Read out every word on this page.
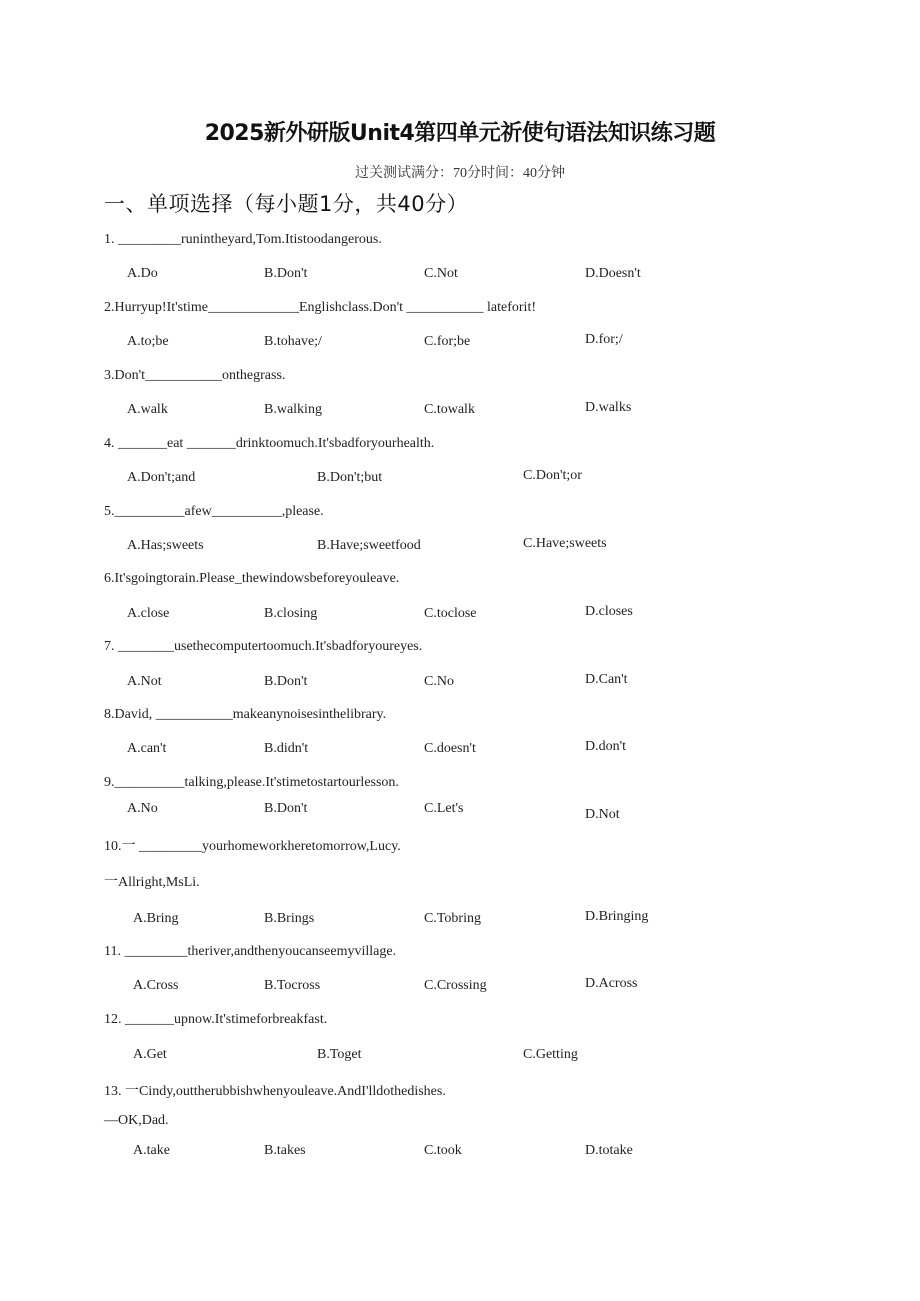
2025新外研版Unit4第四单元祈使句语法知识练习题
过关测试满分：70分时间：40分钟
一、单项选择（每小题1分，共40分）
1. _________runintheyard,Tom.Itistoodangerous.
A.Do	B.Don't	C.Not	D.Doesn't
2.Hurryup!It'stime_____________Englishclass.Don't ___________ lateforit!
A.to;be	B.tohave;/	C.for;be	D.for;/
3.Don't___________onthegrass.
A.walk	B.walking	C.towalk	D.walks
4. _______eat _______drinktoomuch.It'sbadforyourhealth.
A.Don't;and	B.Don't;but	C.Don't;or
5.__________afew__________,please.
A.Has;sweets	B.Have;sweetfood	C.Have;sweets
6.It'sgoingtorain.Please_thewindowsbeforeyouleave.
A.close	B.closing	C.toclose	D.closes
7. ________usethecomputertoomuch.It'sbadforyoureyes.
A.Not	B.Don't	C.No	D.Can't
8.David, ___________makeanynoisesinthelibrary.
A.can't	B.didn't	C.doesn't	D.don't
9.__________talking,please.It'stimetostartourlesson.
A.No	B.Don't	C.Let's	D.Not
10.一 _________yourhomeworkheretomorrow,Lucy.
一Allright,MsLi.
A.Bring	B.Brings	C.Tobring	D.Bringing
11. _________theriver,andthenyoucanseemyvillage.
A.Cross	B.Tocross	C.Crossing	D.Across
12. _______upnow.It'stimeforbreakfast.
A.Get	B.Toget	C.Getting
13. 一Cindy,outtherubbishwhenyouleave.AndI'lldothedishes.
—OK,Dad.
A.take	B.takes	C.took	D.totake
